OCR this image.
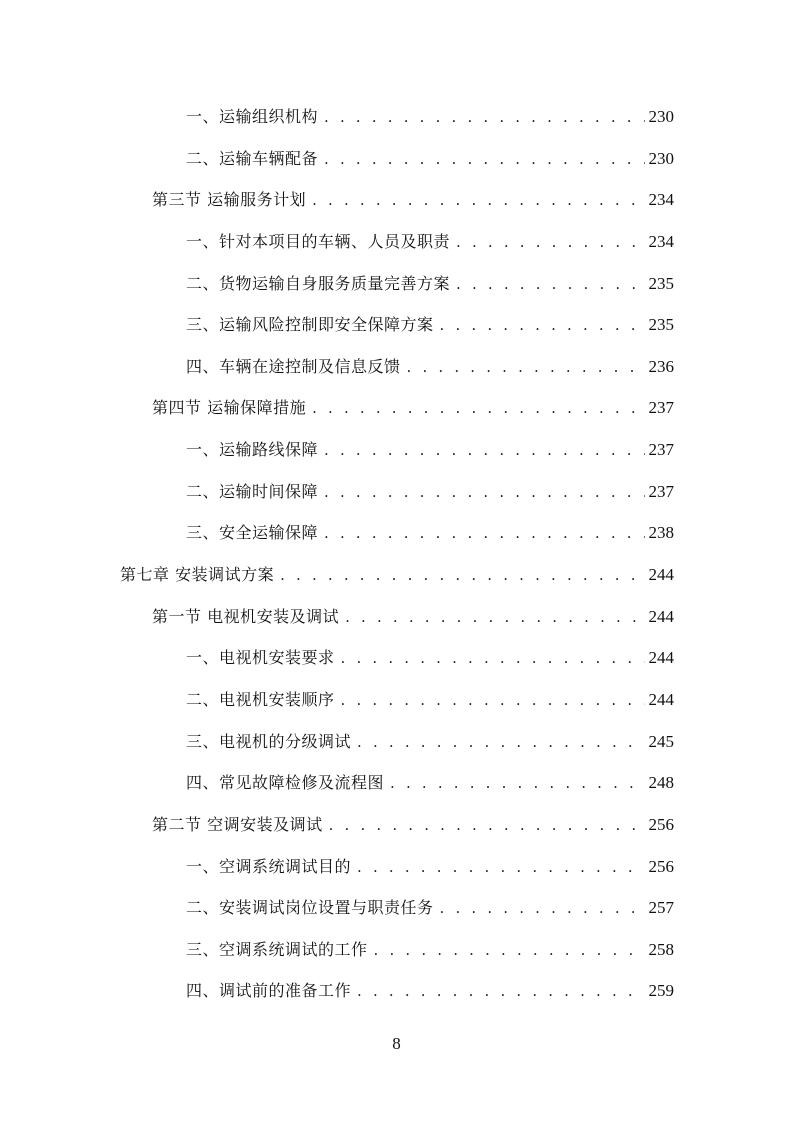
一、运输组织机构 . . .	230
二、运输车辆配备 . . .	230
第三节 运输服务计划 . . .	234
一、针对本项目的车辆、人员及职责 . . .	234
二、货物运输自身服务质量完善方案 . . .	235
三、运输风险控制即安全保障方案 . . .	235
四、车辆在途控制及信息反馈 . . .	236
第四节 运输保障措施 . . .	237
一、运输路线保障 . . .	237
二、运输时间保障 . . .	237
三、安全运输保障 . . .	238
第七章 安装调试方案 . . .	244
第一节 电视机安装及调试 . . .	244
一、电视机安装要求 . . .	244
二、电视机安装顺序 . . .	244
三、电视机的分级调试 . . .	245
四、常见故障检修及流程图 . . .	248
第二节 空调安装及调试 . . .	256
一、空调系统调试目的 . . .	256
二、安装调试岗位设置与职责任务 . . .	257
三、空调系统调试的工作 . . .	258
四、调试前的准备工作 . . .	259
8
